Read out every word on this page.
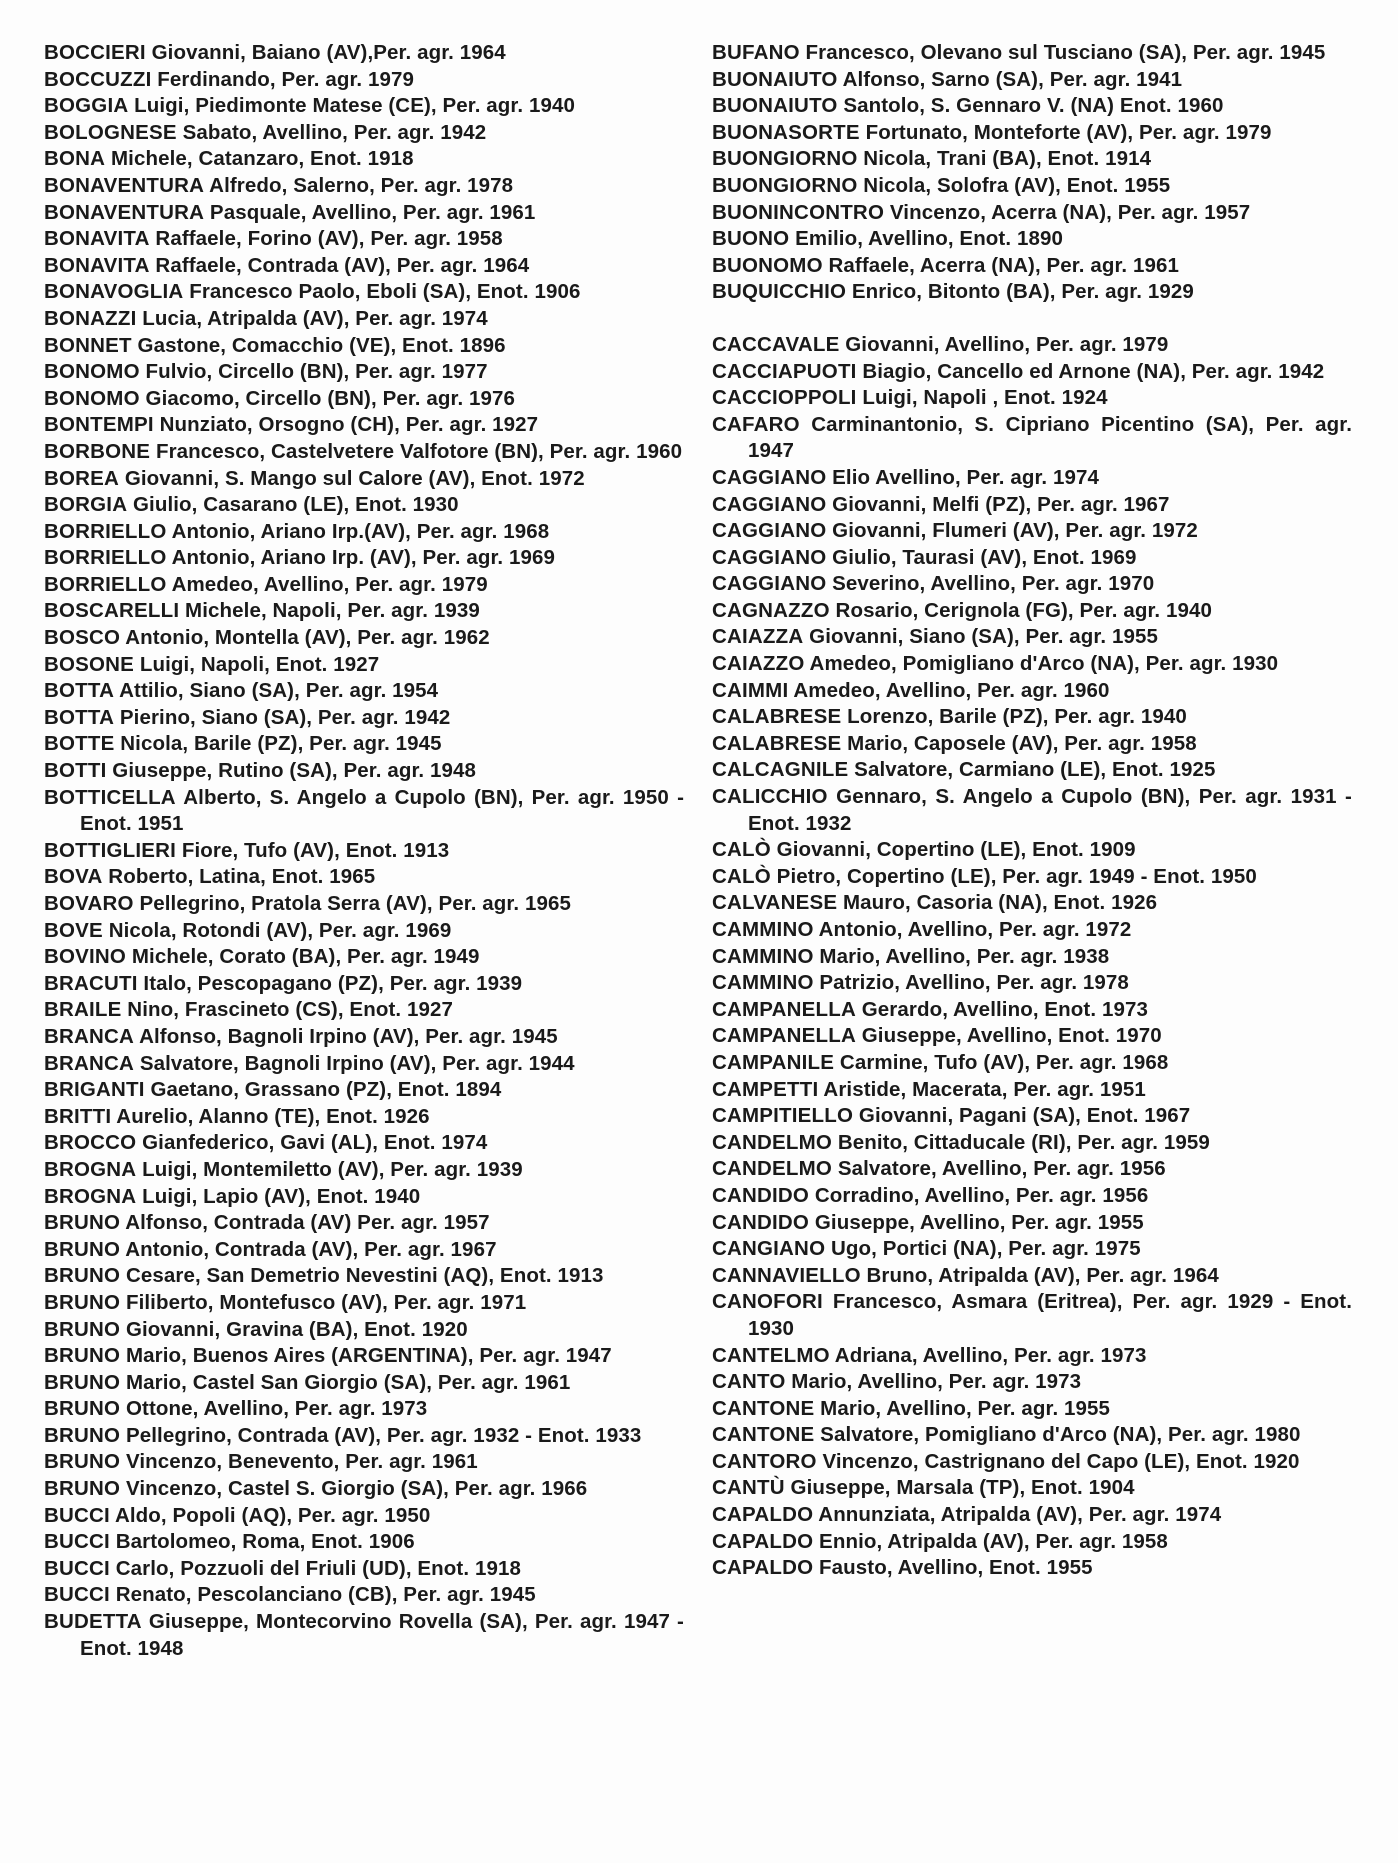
BOCCIERI Giovanni, Baiano (AV),Per. agr. 1964
BOCCUZZI Ferdinando, Per. agr. 1979
BOGGIA Luigi, Piedimonte Matese (CE), Per. agr. 1940
BOLOGNESE Sabato, Avellino, Per. agr. 1942
BONA Michele, Catanzaro, Enot. 1918
BONAVENTURA Alfredo, Salerno, Per. agr. 1978
BONAVENTURA Pasquale, Avellino, Per. agr. 1961
BONAVITA Raffaele, Forino (AV), Per. agr. 1958
BONAVITA Raffaele, Contrada (AV), Per. agr. 1964
BONAVOGLIA Francesco Paolo, Eboli (SA), Enot. 1906
BONAZZI Lucia, Atripalda (AV), Per. agr. 1974
BONNET Gastone, Comacchio (VE), Enot. 1896
BONOMO Fulvio, Circello (BN), Per. agr. 1977
BONOMO Giacomo, Circello (BN), Per. agr. 1976
BONTEMPI Nunziato, Orsogno (CH), Per. agr. 1927
BORBONE Francesco, Castelvetere Valfotore (BN), Per. agr. 1960
BOREA Giovanni, S. Mango sul Calore (AV), Enot. 1972
BORGIA Giulio, Casarano (LE), Enot. 1930
BORRIELLO Antonio, Ariano Irp.(AV), Per. agr. 1968
BORRIELLO Antonio, Ariano Irp. (AV), Per. agr. 1969
BORRIELLO Amedeo, Avellino, Per. agr. 1979
BOSCARELLI Michele, Napoli, Per. agr. 1939
BOSCO Antonio, Montella (AV), Per. agr. 1962
BOSONE Luigi, Napoli, Enot. 1927
BOTTA Attilio, Siano (SA), Per. agr. 1954
BOTTA Pierino, Siano (SA), Per. agr. 1942
BOTTE Nicola, Barile (PZ), Per. agr. 1945
BOTTI Giuseppe, Rutino (SA), Per. agr. 1948
BOTTICELLA Alberto, S. Angelo a Cupolo (BN), Per. agr. 1950 - Enot. 1951
BOTTIGLIERI Fiore, Tufo (AV), Enot. 1913
BOVA Roberto, Latina, Enot. 1965
BOVARO Pellegrino, Pratola Serra (AV), Per. agr. 1965
BOVE Nicola, Rotondi (AV), Per. agr. 1969
BOVINO Michele, Corato (BA), Per. agr. 1949
BRACUTI Italo, Pescopagano (PZ), Per. agr. 1939
BRAILE Nino, Frascineto (CS), Enot. 1927
BRANCA Alfonso, Bagnoli Irpino (AV), Per. agr. 1945
BRANCA Salvatore, Bagnoli Irpino (AV), Per. agr. 1944
BRIGANTI Gaetano, Grassano (PZ), Enot. 1894
BRITTI Aurelio, Alanno (TE), Enot. 1926
BROCCO Gianfederico, Gavi (AL), Enot. 1974
BROGNA Luigi, Montemiletto (AV), Per. agr. 1939
BROGNA Luigi, Lapio (AV), Enot. 1940
BRUNO Alfonso, Contrada (AV) Per. agr. 1957
BRUNO Antonio, Contrada (AV), Per. agr. 1967
BRUNO Cesare, San Demetrio Nevestini (AQ), Enot. 1913
BRUNO Filiberto, Montefusco (AV), Per. agr. 1971
BRUNO Giovanni, Gravina (BA), Enot. 1920
BRUNO Mario, Buenos Aires (ARGENTINA), Per. agr. 1947
BRUNO Mario, Castel San Giorgio (SA), Per. agr. 1961
BRUNO Ottone, Avellino, Per. agr. 1973
BRUNO Pellegrino, Contrada (AV), Per. agr. 1932 - Enot. 1933
BRUNO Vincenzo, Benevento, Per. agr. 1961
BRUNO Vincenzo, Castel S. Giorgio (SA), Per. agr. 1966
BUCCI Aldo, Popoli (AQ), Per. agr. 1950
BUCCI Bartolomeo, Roma, Enot. 1906
BUCCI Carlo, Pozzuoli del Friuli (UD), Enot. 1918
BUCCI Renato, Pescolanciano (CB), Per. agr. 1945
BUDETTA Giuseppe, Montecorvino Rovella (SA), Per. agr. 1947 - Enot. 1948
BUFANO Francesco, Olevano sul Tusciano (SA), Per. agr. 1945
BUONAIUTO Alfonso, Sarno (SA), Per. agr. 1941
BUONAIUTO Santolo, S. Gennaro V. (NA) Enot. 1960
BUONASORTE Fortunato, Monteforte (AV), Per. agr. 1979
BUONGIORNO Nicola, Trani (BA), Enot. 1914
BUONGIORNO Nicola, Solofra (AV), Enot. 1955
BUONINCONTRO Vincenzo, Acerra (NA), Per. agr. 1957
BUONO Emilio, Avellino, Enot. 1890
BUONOMO Raffaele, Acerra (NA), Per. agr. 1961
BUQUICCHIO Enrico, Bitonto (BA), Per. agr. 1929
CACCAVALE Giovanni, Avellino, Per. agr. 1979
CACCIAPUOTI Biagio, Cancello ed Arnone (NA), Per. agr. 1942
CACCIOPPOLI Luigi, Napoli , Enot. 1924
CAFARO Carminantonio, S. Cipriano Picentino (SA), Per. agr. 1947
CAGGIANO Elio Avellino, Per. agr. 1974
CAGGIANO Giovanni, Melfi (PZ), Per. agr. 1967
CAGGIANO Giovanni, Flumeri (AV), Per. agr. 1972
CAGGIANO Giulio, Taurasi (AV), Enot. 1969
CAGGIANO Severino, Avellino, Per. agr. 1970
CAGNAZZO Rosario, Cerignola (FG), Per. agr. 1940
CAIAZZA Giovanni, Siano (SA), Per. agr. 1955
CAIAZZO Amedeo, Pomigliano d'Arco (NA), Per. agr. 1930
CAIMMI Amedeo, Avellino, Per. agr. 1960
CALABRESE Lorenzo, Barile (PZ), Per. agr. 1940
CALABRESE Mario, Caposele (AV), Per. agr. 1958
CALCAGNILE Salvatore, Carmiano (LE), Enot. 1925
CALICCHIO Gennaro, S. Angelo a Cupolo (BN), Per. agr. 1931 - Enot. 1932
CALÒ Giovanni, Copertino (LE), Enot. 1909
CALÒ Pietro, Copertino (LE), Per. agr. 1949 - Enot. 1950
CALVANESE Mauro, Casoria (NA), Enot. 1926
CAMMINO Antonio, Avellino, Per. agr. 1972
CAMMINO Mario, Avellino, Per. agr. 1938
CAMMINO Patrizio, Avellino, Per. agr. 1978
CAMPANELLA Gerardo, Avellino, Enot. 1973
CAMPANELLA Giuseppe, Avellino, Enot. 1970
CAMPANILE Carmine, Tufo (AV), Per. agr. 1968
CAMPETTI Aristide, Macerata, Per. agr. 1951
CAMPITIELLO Giovanni, Pagani (SA), Enot. 1967
CANDELMO Benito, Cittaducale (RI), Per. agr. 1959
CANDELMO Salvatore, Avellino, Per. agr. 1956
CANDIDO Corradino, Avellino, Per. agr. 1956
CANDIDO Giuseppe, Avellino, Per. agr. 1955
CANGIANO Ugo, Portici (NA), Per. agr. 1975
CANNAVIELLO Bruno, Atripalda (AV), Per. agr. 1964
CANOFORI Francesco, Asmara (Eritrea), Per. agr. 1929 - Enot. 1930
CANTELMO Adriana, Avellino, Per. agr. 1973
CANTO Mario, Avellino, Per. agr. 1973
CANTONE Mario, Avellino, Per. agr. 1955
CANTONE Salvatore, Pomigliano d'Arco (NA), Per. agr. 1980
CANTORO Vincenzo, Castrignano del Capo (LE), Enot. 1920
CANTÙ Giuseppe, Marsala (TP), Enot. 1904
CAPALDO Annunziata, Atripalda (AV), Per. agr. 1974
CAPALDO Ennio, Atripalda (AV), Per. agr. 1958
CAPALDO Fausto, Avellino, Enot. 1955
